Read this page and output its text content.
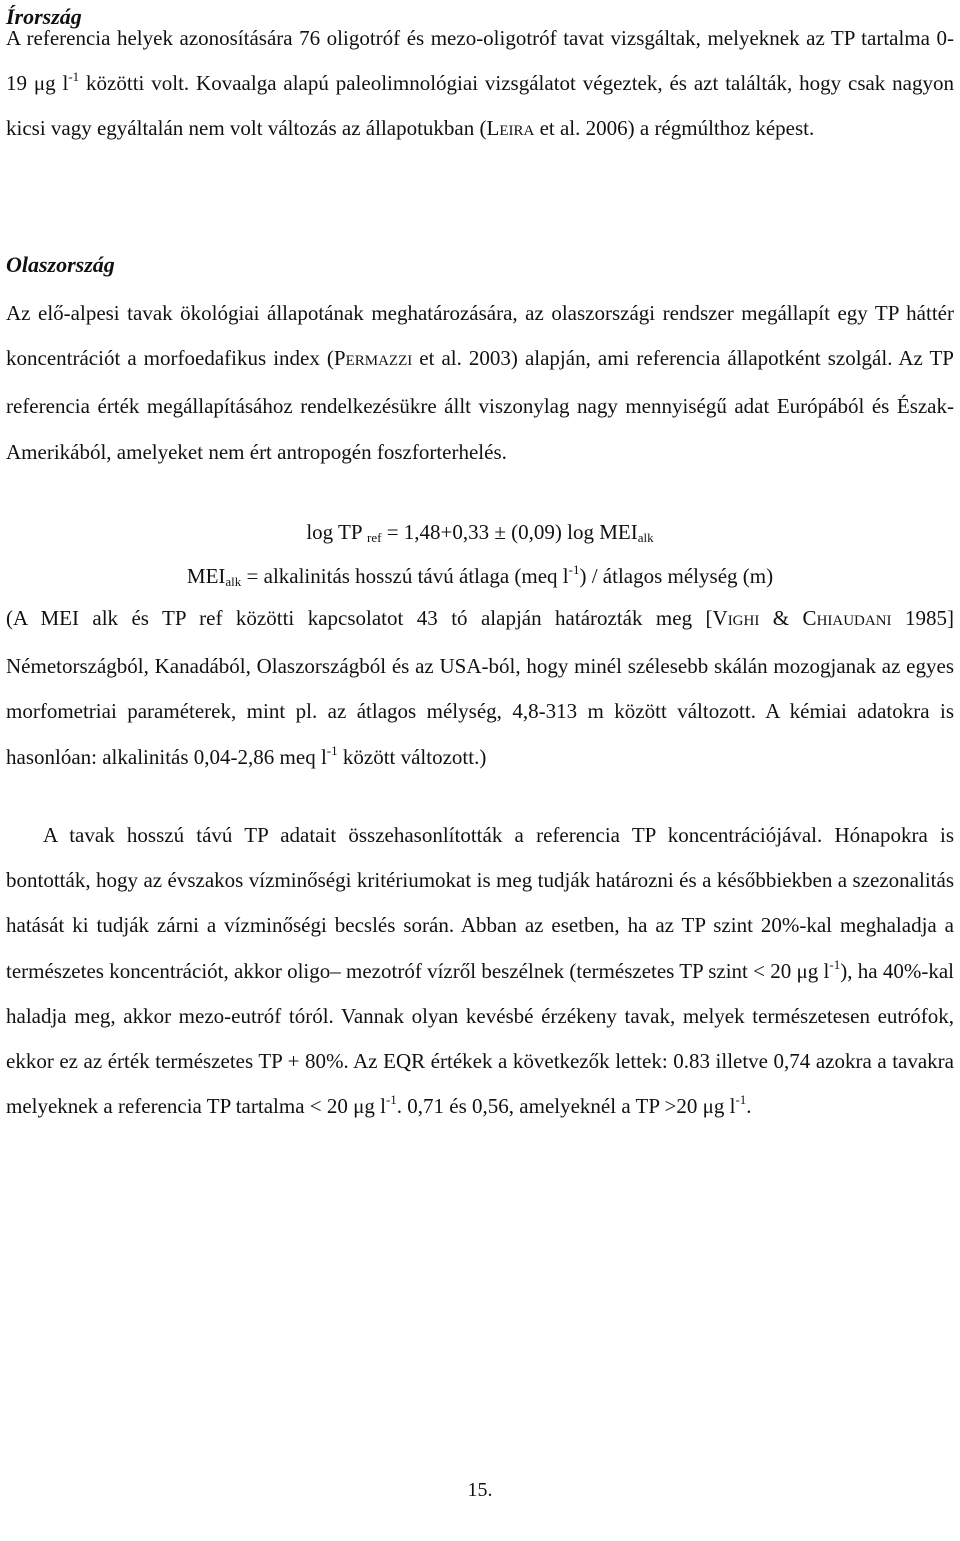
Írország

A referencia helyek azonosítására 76 oligotróf és mezo-oligotróf tavat vizsgáltak, melyeknek az TP tartalma 0-19 μg $l^{-1}$ közötti volt. Kovaalga alapú paleolimnológiai vizsgálatot végeztek, és azt találták, hogy csak nagyon kicsi vagy egyáltalán nem volt változás az állapotukban (LEIRA et al. 2006) a régmúlthoz képest.

Olaszország

Az elő-alpesi tavak ökológiai állapotának meghatározására, az olaszországi rendszer megállapít egy TP háttér koncentrációt a morfoedafikus index (PERMAZZI et al. 2003) alapján, ami referencia állapotként szolgál. Az TP referencia érték megállapításához rendelkezésükre állt viszonylag nagy mennyiségű adat Európából és Észak-Amerikából, amelyeket nem ért antropogén foszforterhelés.

log TP $_{ref}$ = 1,48+0,33 ± (0,09) $\log MEI_{alk}$

$MEI_{alk}$ = alkalinitás hosszú távú átlaga (meq $l^{-1}$) / átlagos mélység (m)

(A MEI alk és TP ref közötti kapcsolatot 43 tó alapján határozták meg [VIGHI & CHIAUDANI 1985] Németországból, Kanadából, Olaszországból és az USA-ból, hogy minél szélesebb skálán mozogjanak az egyes morfometriai paraméterek, mint pl. az átlagos mélység, 4,8-313 m között változott. A kémiai adatokra is hasonlóan: alkalinitás 0,04-2,86 meq $l^{-1}$ között változott.)

A tavak hosszú távú TP adatait összehasonlították a referencia TP koncentrációjával. Hónapokra is bontották, hogy az évszakos vízminőségi kritériumokat is meg tudják határozni és a későbbiekben a szezonalitás hatását ki tudják zárni a vízminőségi becslés során. Abban az esetben, ha az TP szint 20%-kal meghaladja a természetes koncentrációt, akkor oligo– mezotróf vízről beszélnek (természetes TP szint < 20 μg $l^{-1}$), ha 40%-kal haladja meg, akkor mezo-eutróf tóról. Vannak olyan kevésbé érzékeny tavak, melyek természetesen eutrófok, ekkor ez az érték természetes TP + 80%. Az EQR értékek a következők lettek: 0.83 illetve 0,74 azokra a tavakra melyeknek a referencia TP tartalma < 20 μg $l^{-1}$. 0,71 és 0,56, amelyeknél a TP >20 μg $l^{-1}$.

15.
